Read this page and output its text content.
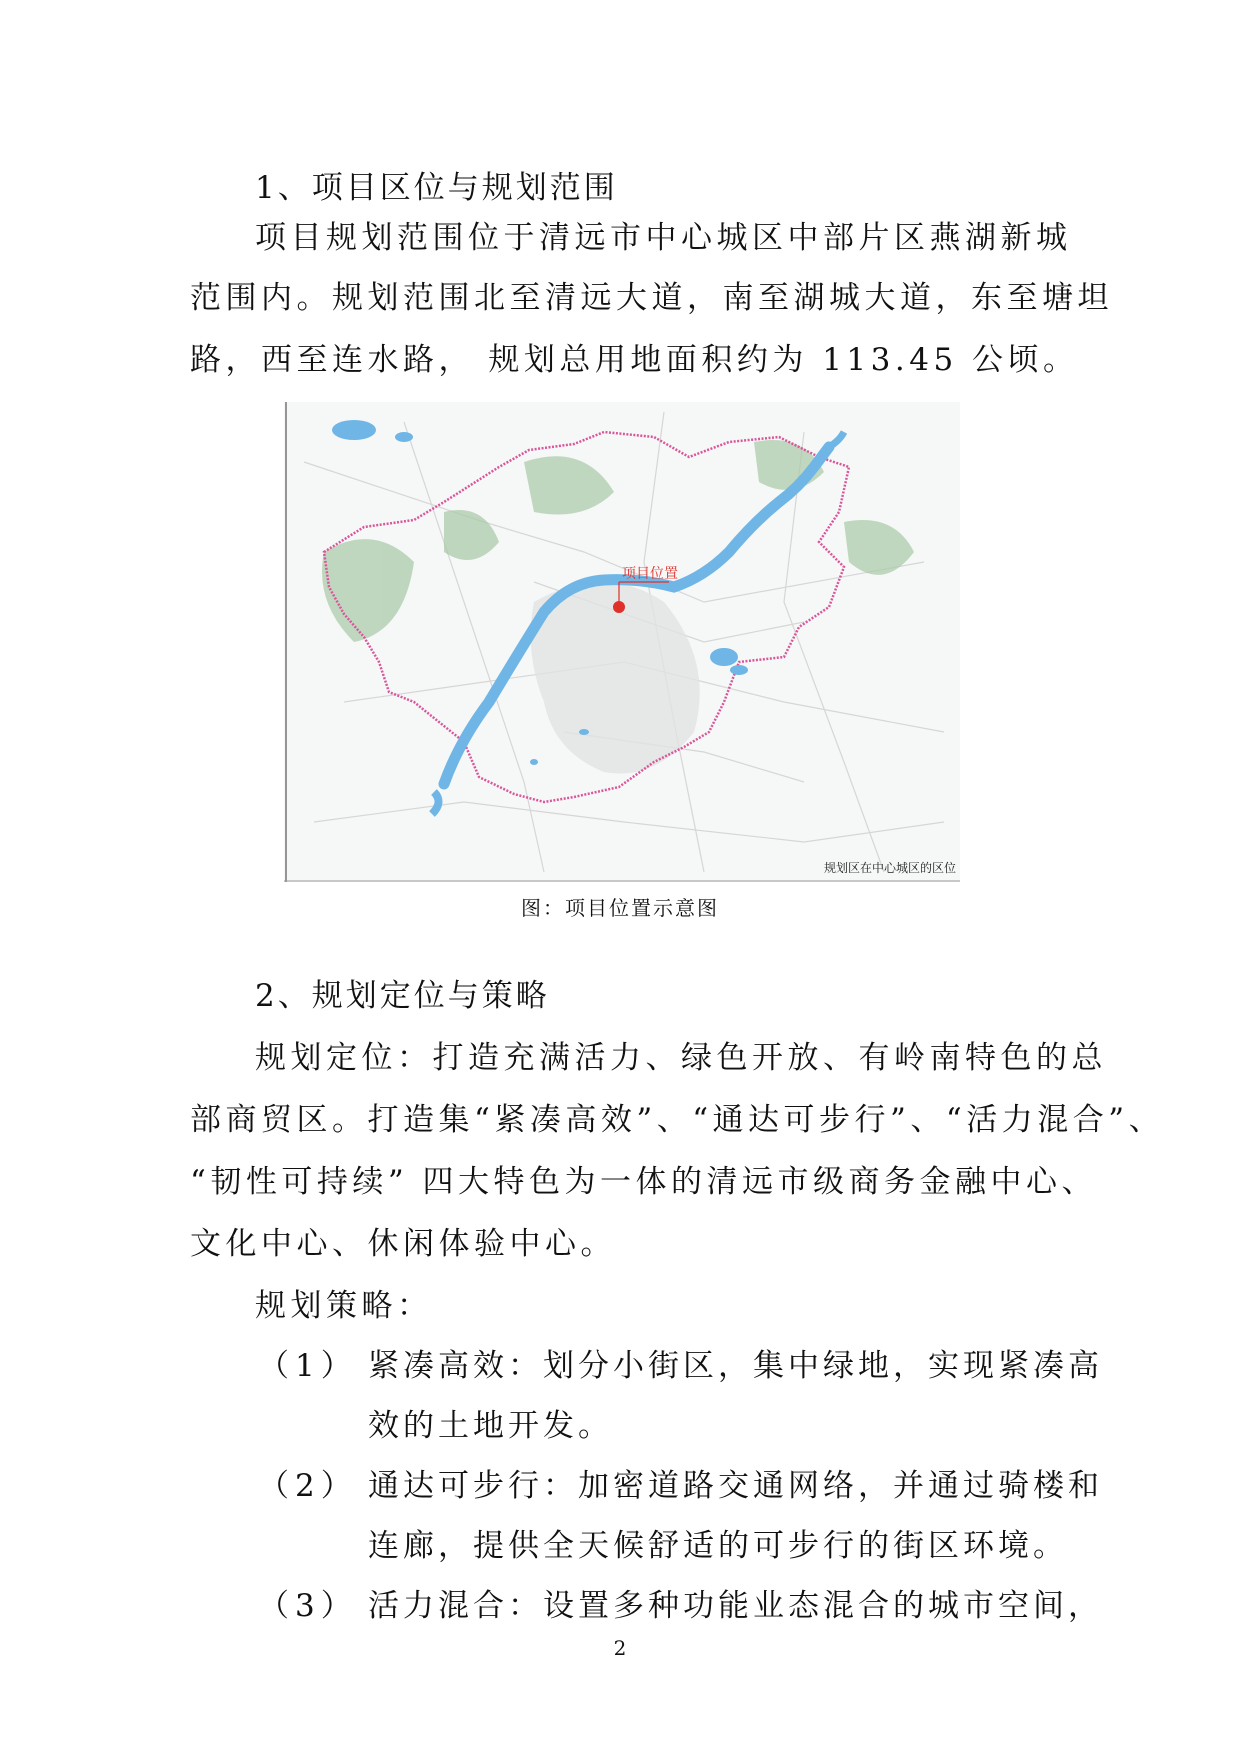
1、项目区位与规划范围
项目规划范围位于清远市中心城区中部片区燕湖新城
范围内。规划范围北至清远大道，南至湖城大道，东至塘坦
路，西至连水路， 规划总用地面积约为 113.45 公顷。
项目位置
规划区在中心城区的区位
图：项目位置示意图
2、规划定位与策略
规划定位：打造充满活力、绿色开放、有岭南特色的总
部商贸区。打造集“紧凑高效”、“通达可步行”、“活力混合”、
“韧性可持续” 四大特色为一体的清远市级商务金融中心、
文化中心、休闲体验中心。
规划策略：
（1） 紧凑高效：划分小街区，集中绿地，实现紧凑高
效的土地开发。
（2） 通达可步行：加密道路交通网络，并通过骑楼和
连廊，提供全天候舒适的可步行的街区环境。
（3） 活力混合：设置多种功能业态混合的城市空间，
2
